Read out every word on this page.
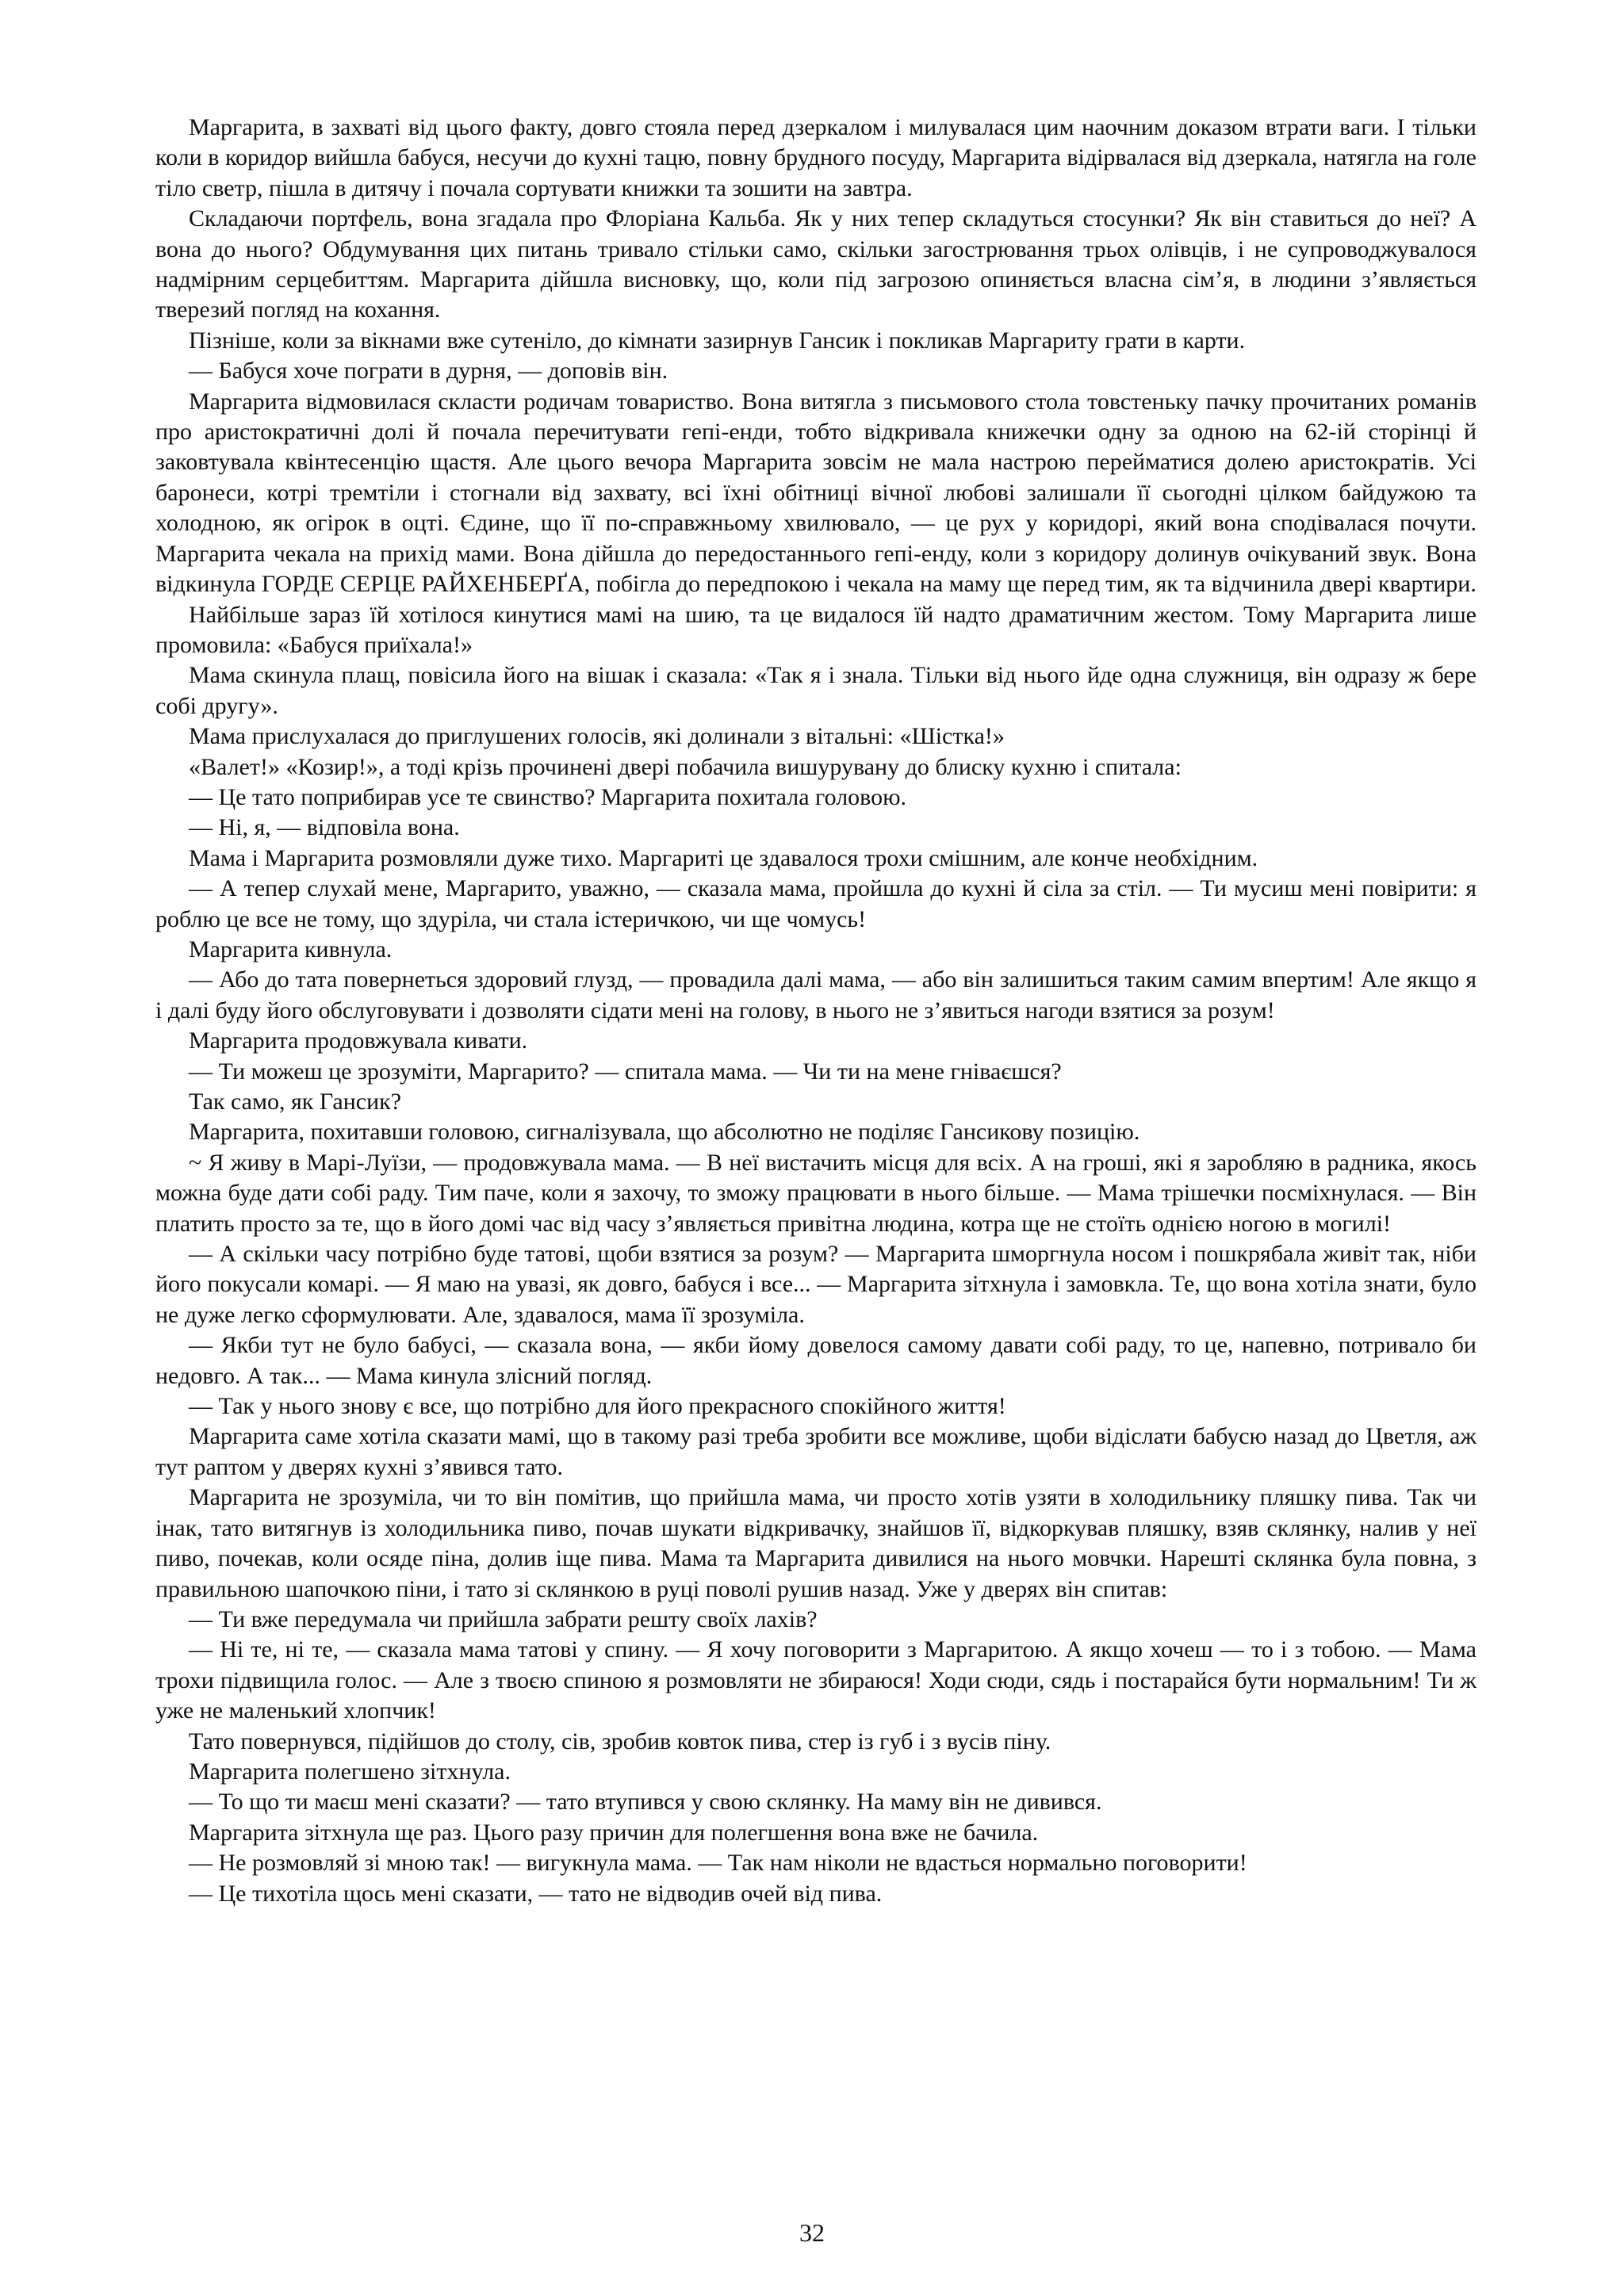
Маргарита, в захваті від цього факту, довго стояла перед дзеркалом і милувалася цим наочним доказом втрати ваги. І тільки коли в коридор вийшла бабуся, несучи до кухні тацю, повну брудного посуду, Маргарита відірвалася від дзеркала, натягла на голе тіло светр, пішла в дитячу і почала сортувати книжки та зошити на завтра.

Складаючи портфель, вона згадала про Флоріана Кальба. Як у них тепер складуться стосунки? Як він ставиться до неї? А вона до нього? Обдумування цих питань тривало стільки само, скільки загострювання трьох олівців, і не супроводжувалося надмірним серцебиттям. Маргарита дійшла висновку, що, коли під загрозою опиняється власна сім’я, в людини з’являється тверезий погляд на кохання.

Пізніше, коли за вікнами вже сутеніло, до кімнати зазирнув Гансик і покликав Маргариту грати в карти.

— Бабуся хоче пограти в дурня, — доповів він.

Маргарита відмовилася скласти родичам товариство. Вона витягла з письмового стола товстеньку пачку прочитаних романів про аристократичні долі й почала перечитувати гепі-енди, тобто відкривала книжечки одну за одною на 62-ій сторінці й заковтувала квінтесенцію щастя. Але цього вечора Маргарита зовсім не мала настрою перейматися долею аристократів. Усі баронеси, котрі тремтіли і стогнали від захвату, всі їхні обітниці вічної любові залишали її сьогодні цілком байдужою та холодною, як огірок в оцті. Єдине, що її по-справжньому хвилювало, — це рух у коридорі, який вона сподівалася почути. Маргарита чекала на прихід мами. Вона дійшла до передостаннього гепі-енду, коли з коридору долинув очікуваний звук. Вона відкинула ГОРДЕ СЕРЦЕ РАЙХЕНБЕРҐА, побігла до передпокою і чекала на маму ще перед тим, як та відчинила двері квартири.

Найбільше зараз їй хотілося кинутися мамі на шию, та це видалося їй надто драматичним жестом. Тому Маргарита лише промовила: «Бабуся приїхала!»

Мама скинула плащ, повісила його на вішак і сказала: «Так я і знала. Тільки від нього йде одна служниця, він одразу ж бере собі другу».

Мама прислухалася до приглушених голосів, які долинали з вітальні: «Шістка!»

«Валет!» «Козир!», а тоді крізь прочинені двері побачила вишурувану до блиску кухню і спитала:

— Це тато поприбирав усе те свинство? Маргарита похитала головою.

— Ні, я, — відповіла вона.

Мама і Маргарита розмовляли дуже тихо. Маргариті це здавалося трохи смішним, але конче необхідним.

— А тепер слухай мене, Маргарито, уважно, — сказала мама, пройшла до кухні й сіла за стіл. — Ти мусиш мені повірити: я роблю це все не тому, що здуріла, чи стала істеричкою, чи ще чомусь!

Маргарита кивнула.

— Або до тата повернеться здоровий глузд, — провадила далі мама, — або він залишиться таким самим впертим! Але якщо я і далі буду його обслуговувати і дозволяти сідати мені на голову, в нього не з’явиться нагоди взятися за розум!

Маргарита продовжувала кивати.

— Ти можеш це зрозуміти, Маргарито? — спитала мама. — Чи ти на мене гніваєшся?

Так само, як Гансик?

Маргарита, похитавши головою, сигналізувала, що абсолютно не поділяє Гансикову позицію.

~ Я живу в Марі-Луїзи, — продовжувала мама. — В неї вистачить місця для всіх. А на гроші, які я заробляю в радника, якось можна буде дати собі раду. Тим паче, коли я захочу, то зможу працювати в нього більше. — Мама трішечки посміхнулася. — Він платить просто за те, що в його домі час від часу з’являється привітна людина, котра ще не стоїть однією ногою в могилі!

— А скільки часу потрібно буде татові, щоби взятися за розум? — Маргарита шморгнула носом і пошкрябала живіт так, ніби його покусали комарі. — Я маю на увазі, як довго, бабуся і все... — Маргарита зітхнула і замовкла. Те, що вона хотіла знати, було не дуже легко сформулювати. Але, здавалося, мама її зрозуміла.

— Якби тут не було бабусі, — сказала вона, — якби йому довелося самому давати собі раду, то це, напевно, потривало би недовго. А так... — Мама кинула злісний погляд.

— Так у нього знову є все, що потрібно для його прекрасного спокійного життя!

Маргарита саме хотіла сказати мамі, що в такому разі треба зробити все можливе, щоби відіслати бабусю назад до Цветля, аж тут раптом у дверях кухні з’явився тато.

Маргарита не зрозуміла, чи то він помітив, що прийшла мама, чи просто хотів узяти в холодильнику пляшку пива. Так чи інак, тато витягнув із холодильника пиво, почав шукати відкривачку, знайшов її, відкоркував пляшку, взяв склянку, налив у неї пиво, почекав, коли осяде піна, долив іще пива. Мама та Маргарита дивилися на нього мовчки. Нарешті склянка була повна, з правильною шапочкою піни, і тато зі склянкою в руці поволі рушив назад. Уже у дверях він спитав:

— Ти вже передумала чи прийшла забрати решту своїх лахів?

— Ні те, ні те, — сказала мама татові у спину. — Я хочу поговорити з Маргаритою. А якщо хочеш — то і з тобою. — Мама трохи підвищила голос. — Але з твоєю спиною я розмовляти не збираюся! Ходи сюди, сядь і постарайся бути нормальним! Ти ж уже не маленький хлопчик!

Тато повернувся, підійшов до столу, сів, зробив ковток пива, стер із губ і з вусів піну.

Маргарита полегшено зітхнула.

— То що ти маєш мені сказати? — тато втупився у свою склянку. На маму він не дивився.

Маргарита зітхнула ще раз. Цього разу причин для полегшення вона вже не бачила.

— Не розмовляй зі мною так! — вигукнула мама. — Так нам ніколи не вдасться нормально поговорити!

— Це тихотіла щось мені сказати, — тато не відводив очей від пива.

32
